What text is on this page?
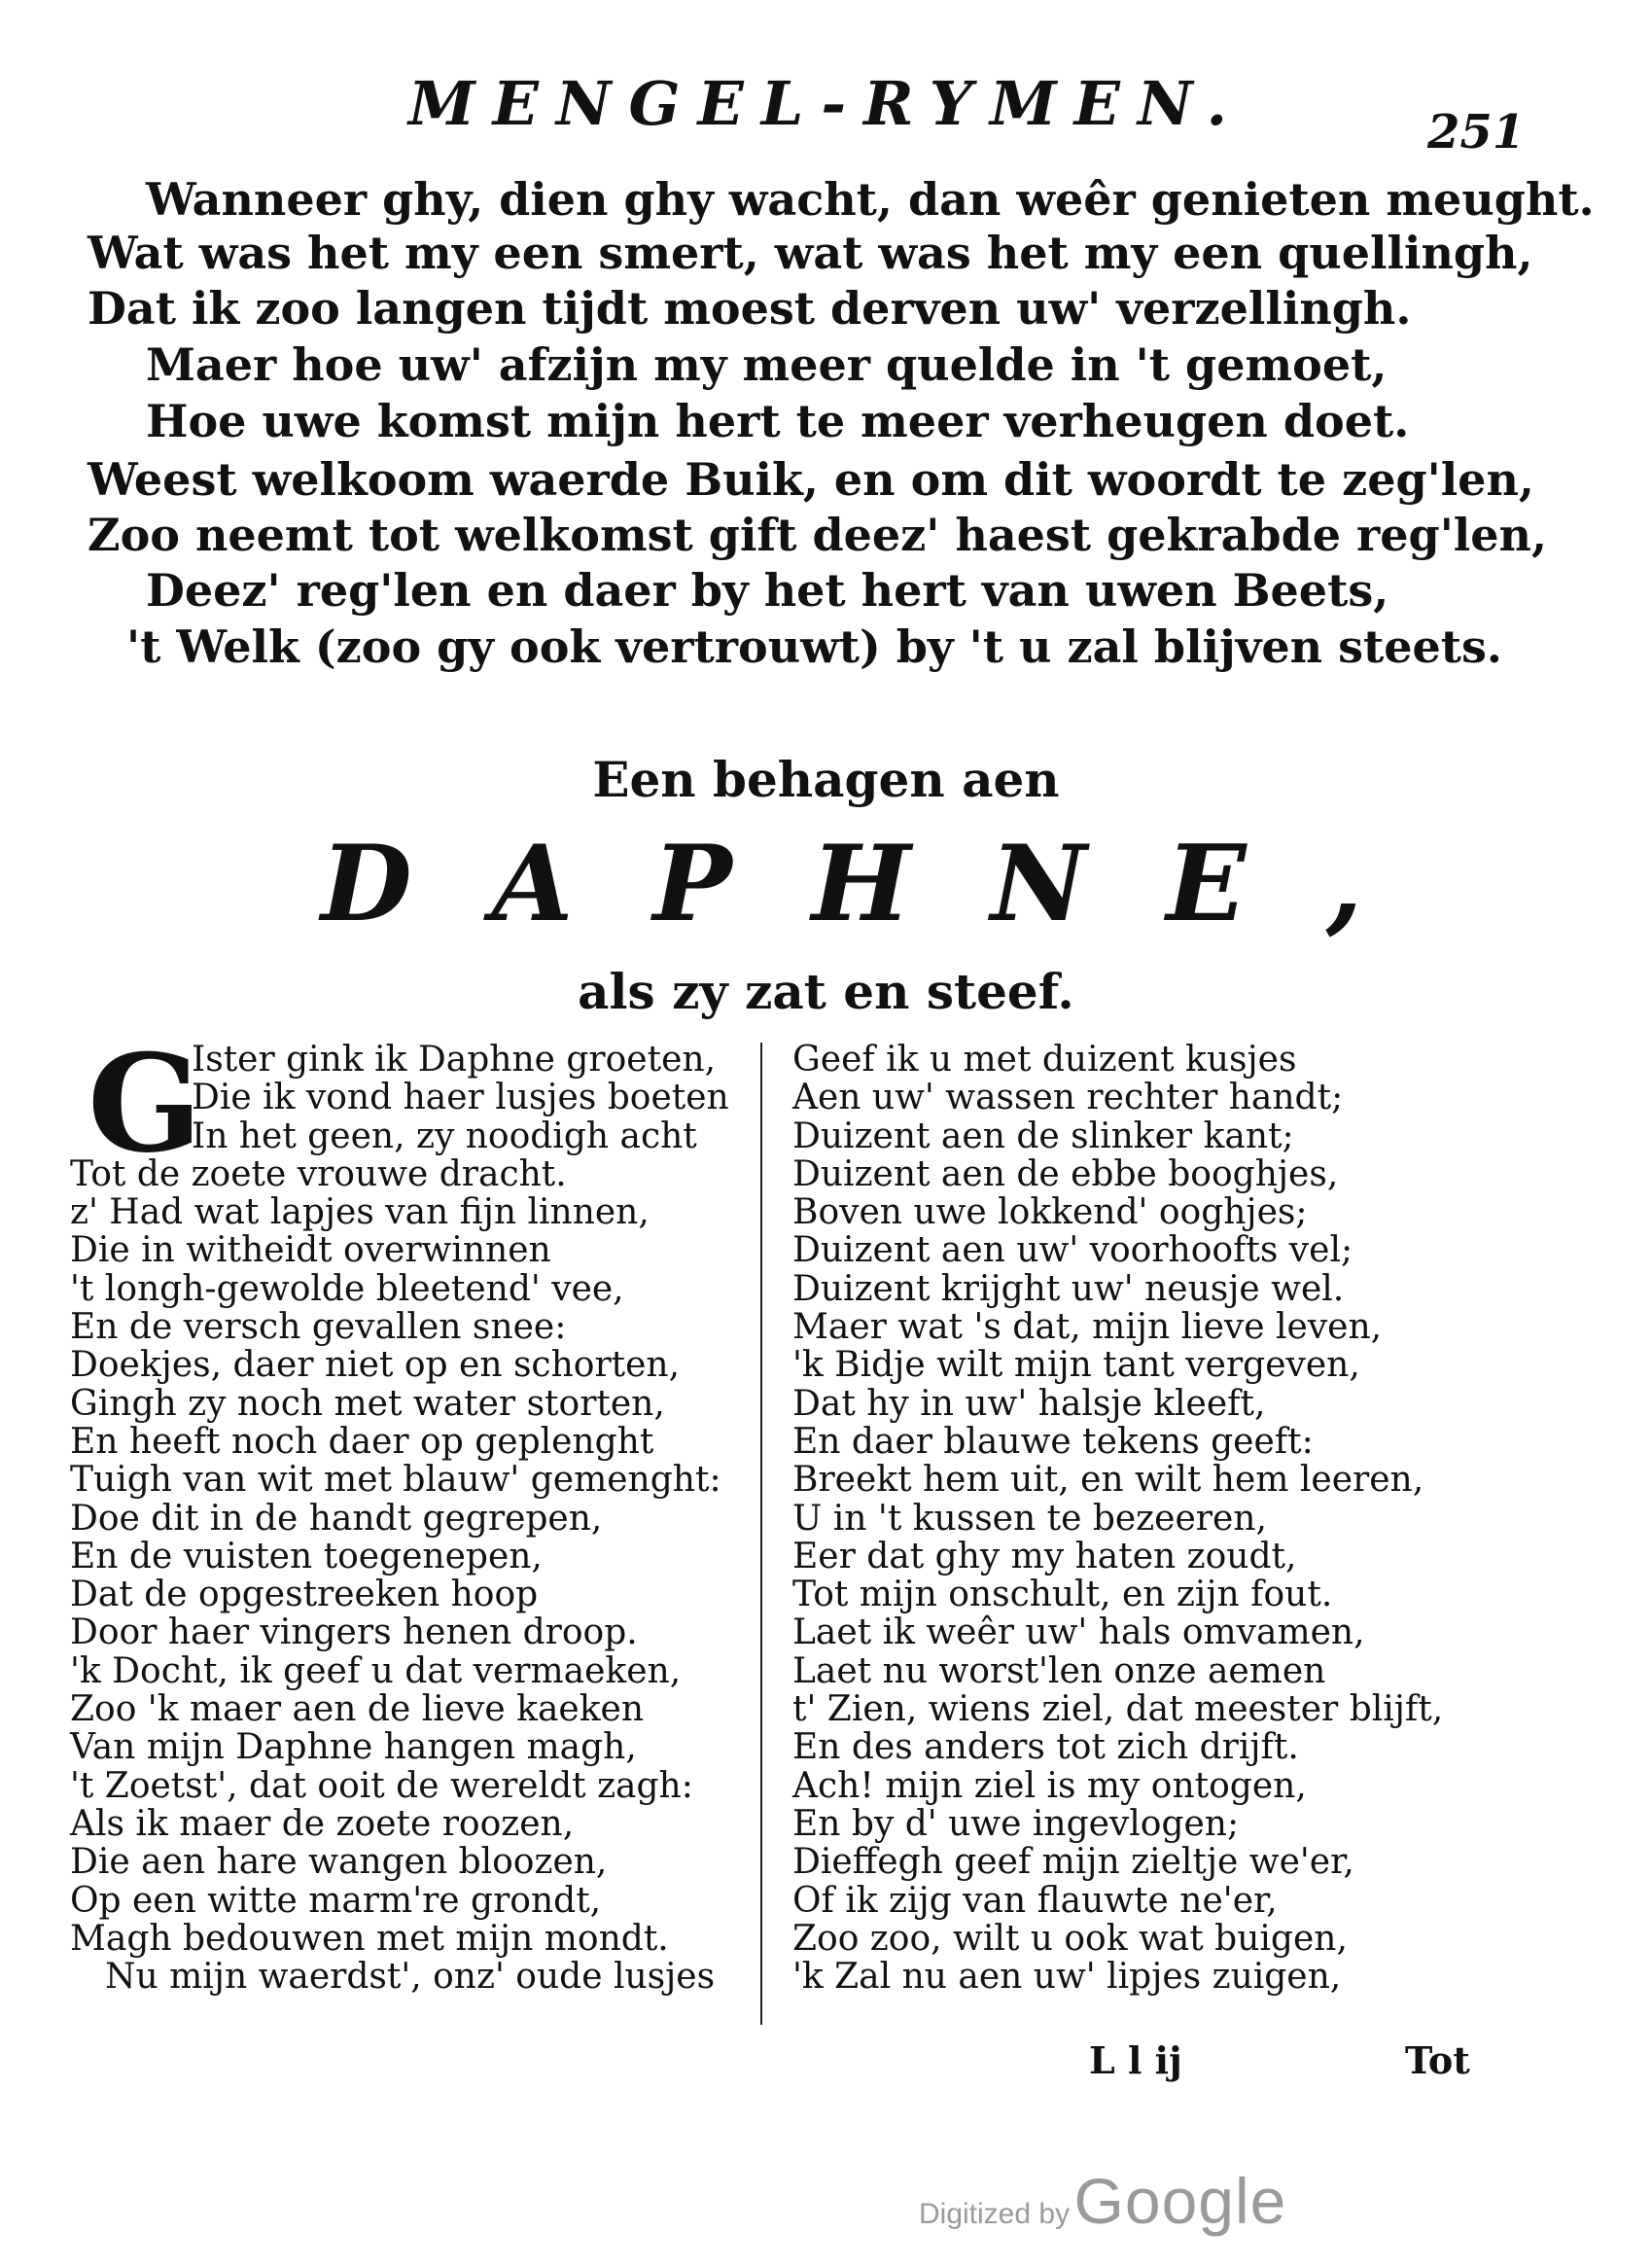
MENGEL-RYMEN.	251
Wanneer ghy, dien ghy wacht, dan weêr genieten meught.
Wat was het my een smert, wat was het my een quellingh,
Dat ik zoo langen tijdt moest derven uw' verzellingh.
Maer hoe uw' afzijn my meer quelde in 't gemoet,
Hoe uwe komst mijn hert te meer verheugen doet.
Weest welkoom waerde Buik, en om dit woordt te zeg'len,
Zoo neemt tot welkomst gift deez' haest gekrabde reg'len,
Deez' reg'len en daer by het hert van uwen Beets,
't Welk (zoo gy ook vertrouwt) by 't u zal blijven steets.
Een behagen aen
DAPHNE,
als zy zat en steef.
G
Ister gink ik Daphne groeten,
Die ik vond haer lusjes boeten
In het geen, zy noodigh acht
Tot de zoete vrouwe dracht.
z' Had wat lapjes van fijn linnen,
Die in witheidt overwinnen
't longh-gewolde bleetend' vee,
En de versch gevallen snee:
Doekjes, daer niet op en schorten,
Gingh zy noch met water storten,
En heeft noch daer op geplenght
Tuigh van wit met blauw' gemenght:
Doe dit in de handt gegrepen,
En de vuisten toegenepen,
Dat de opgestreeken hoop
Door haer vingers henen droop.
'k Docht, ik geef u dat vermaeken,
Zoo 'k maer aen de lieve kaeken
Van mijn Daphne hangen magh,
't Zoetst', dat ooit de wereldt zagh:
Als ik maer de zoete roozen,
Die aen hare wangen bloozen,
Op een witte marm're grondt,
Magh bedouwen met mijn mondt.
Nu mijn waerdst', onz' oude lusjes
Geef ik u met duizent kusjes
Aen uw' wassen rechter handt;
Duizent aen de slinker kant;
Duizent aen de ebbe booghjes,
Boven uwe lokkend' ooghjes;
Duizent aen uw' voorhoofts vel;
Duizent krijght uw' neusje wel.
Maer wat 's dat, mijn lieve leven,
'k Bidje wilt mijn tant vergeven,
Dat hy in uw' halsje kleeft,
En daer blauwe tekens geeft:
Breekt hem uit, en wilt hem leeren,
U in 't kussen te bezeeren,
Eer dat ghy my haten zoudt,
Tot mijn onschult, en zijn fout.
Laet ik weêr uw' hals omvamen,
Laet nu worst'len onze aemen
t' Zien, wiens ziel, dat meester blijft,
En des anders tot zich drijft.
Ach! mijn ziel is my ontogen,
En by d' uwe ingevlogen;
Dieffegh geef mijn zieltje we'er,
Of ik zijg van flauwte ne'er,
Zoo zoo, wilt u ook wat buigen,
'k Zal nu aen uw' lipjes zuigen,
L l ij	Tot
Digitized by Google
